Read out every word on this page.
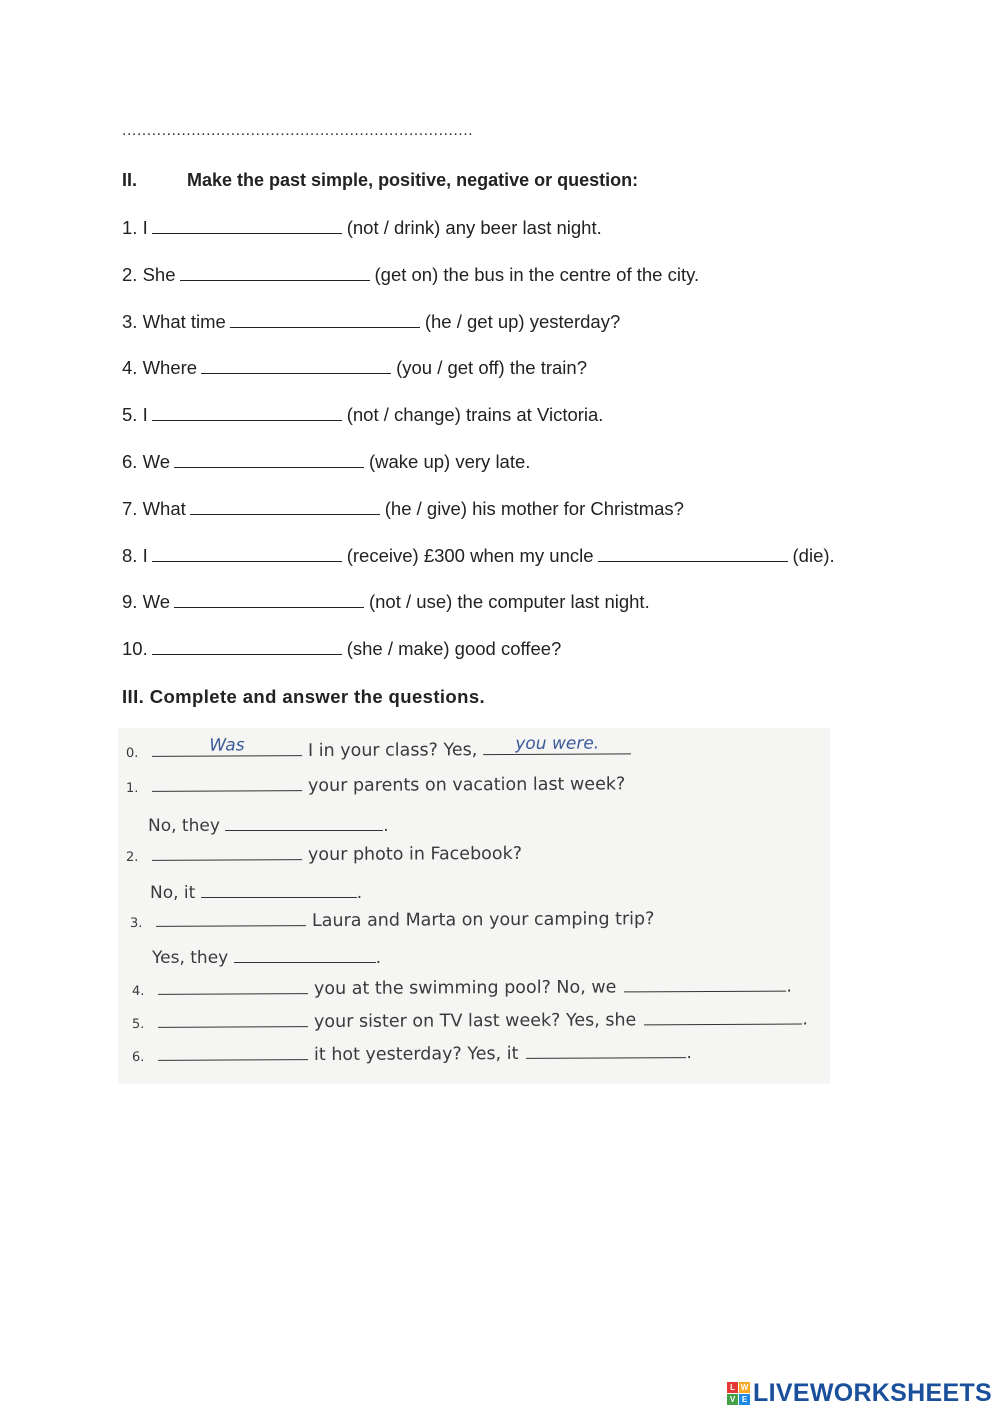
.......................................................................
II.	Make the past simple, positive, negative or question:
1. I	(not / drink) any beer last night.
2. She	(get on) the bus in the centre of the city.
3. What time	(he / get up) yesterday?
4. Where	(you / get off) the train?
5. I	(not / change) trains at Victoria.
6. We	(wake up) very late.
7. What	(he / give) his mother for Christmas?
8. I	(receive) £300 when my uncle	(die).
9. We	(not / use) the computer last night.
10.	(she / make) good coffee?
III. Complete and answer the questions.
0.	Was	I in your class? Yes,	you were.
1.	your parents on vacation last week?
No, they	.
2.	your photo in Facebook?
No, it	.
3.	Laura and Marta on your camping trip?
Yes, they	.
4.	you at the swimming pool? No, we	.
5.	your sister on TV last week? Yes, she	.
6.	it hot yesterday? Yes, it	.
L W
V E LIVEWORKSHEETS
